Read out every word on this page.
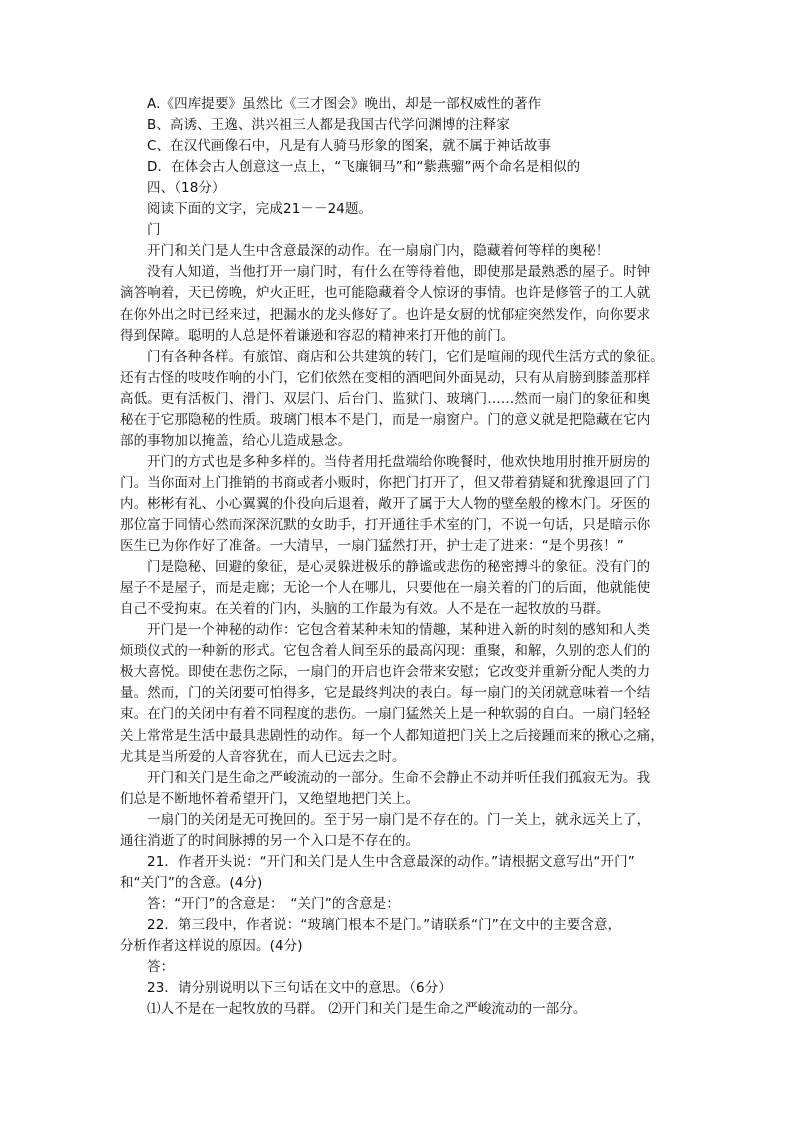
A.《四库提要》虽然比《三才图会》晚出，却是一部权威性的著作
B、高诱、王逸、洪兴祖三人都是我国古代学问渊博的注释家
C、在汉代画像石中，凡是有人骑马形象的图案，就不属于神话故事
D．在体会古人创意这一点上，“飞廉铜马”和“紫燕骝”两个命名是相似的
四、（18分）
阅读下面的文字，完成21－－24题。
门
开门和关门是人生中含意最深的动作。在一扇扇门内，隐藏着何等样的奥秘！
没有人知道，当他打开一扇门时，有什么在等待着他，即使那是最熟悉的屋子。时钟
滴答响着，天已傍晚，炉火正旺，也可能隐藏着令人惊讶的事情。也许是修管子的工人就
在你外出之时已经来过，把漏水的龙头修好了。也许是女厨的忧郁症突然发作，向你要求
得到保障。聪明的人总是怀着谦逊和容忍的精神来打开他的前门。
门有各种各样。有旅馆、商店和公共建筑的转门，它们是喧闹的现代生活方式的象征。
还有古怪的吱吱作响的小门，它们依然在变相的酒吧间外面晃动，只有从肩膀到膝盖那样
高低。更有活板门、滑门、双层门、后台门、监狱门、玻璃门……然而一扇门的象征和奥
秘在于它那隐秘的性质。玻璃门根本不是门，而是一扇窗户。门的意义就是把隐藏在它内
部的事物加以掩盖，给心儿造成悬念。
开门的方式也是多种多样的。当侍者用托盘端给你晚餐时，他欢快地用肘推开厨房的
门。当你面对上门推销的书商或者小贩时，你把门打开了，但又带着猜疑和犹豫退回了门
内。彬彬有礼、小心翼翼的仆役向后退着，敞开了属于大人物的壁垒般的橡木门。牙医的
那位富于同情心然而深深沉默的女助手，打开通往手术室的门，不说一句话，只是暗示你
医生已为你作好了准备。一大清早，一扇门猛然打开，护士走了进来：“是个男孩！”
门是隐秘、回避的象征，是心灵躲进极乐的静谧或悲伤的秘密搏斗的象征。没有门的
屋子不是屋子，而是走廊；无论一个人在哪儿，只要他在一扇关着的门的后面，他就能使
自己不受拘束。在关着的门内，头脑的工作最为有效。人不是在一起牧放的马群。
开门是一个神秘的动作：它包含着某种未知的情趣，某种进入新的时刻的感知和人类
烦琐仪式的一种新的形式。它包含着人间至乐的最高闪现：重聚，和解，久别的恋人们的
极大喜悦。即使在悲伤之际，一扇门的开启也许会带来安慰；它改变并重新分配人类的力
量。然而，门的关闭要可怕得多，它是最终判决的表白。每一扇门的关闭就意味着一个结
束。在门的关闭中有着不同程度的悲伤。一扇门猛然关上是一种软弱的自白。一扇门轻轻
关上常常是生活中最具悲剧性的动作。每一个人都知道把门关上之后接踵而来的揪心之痛，
尤其是当所爱的人音容犹在，而人已远去之时。
开门和关门是生命之严峻流动的一部分。生命不会静止不动并听任我们孤寂无为。我
们总是不断地怀着希望开门，又绝望地把门关上。
一扇门的关闭是无可挽回的。至于另一扇门是不存在的。门一关上，就永远关上了，
通往消逝了的时间脉搏的另一个入口是不存在的。
21．作者开头说：“开门和关门是人生中含意最深的动作。”请根据文意写出“开门”
和“关门”的含意。(4分)
答：“开门”的含意是：　“关门”的含意是：
22．第三段中，作者说：“玻璃门根本不是门。”请联系“门”在文中的主要含意，
分析作者这样说的原因。(4分)
答：
23．请分别说明以下三句话在文中的意思。（6分）
⑴人不是在一起牧放的马群。 ⑵开门和关门是生命之严峻流动的一部分。
